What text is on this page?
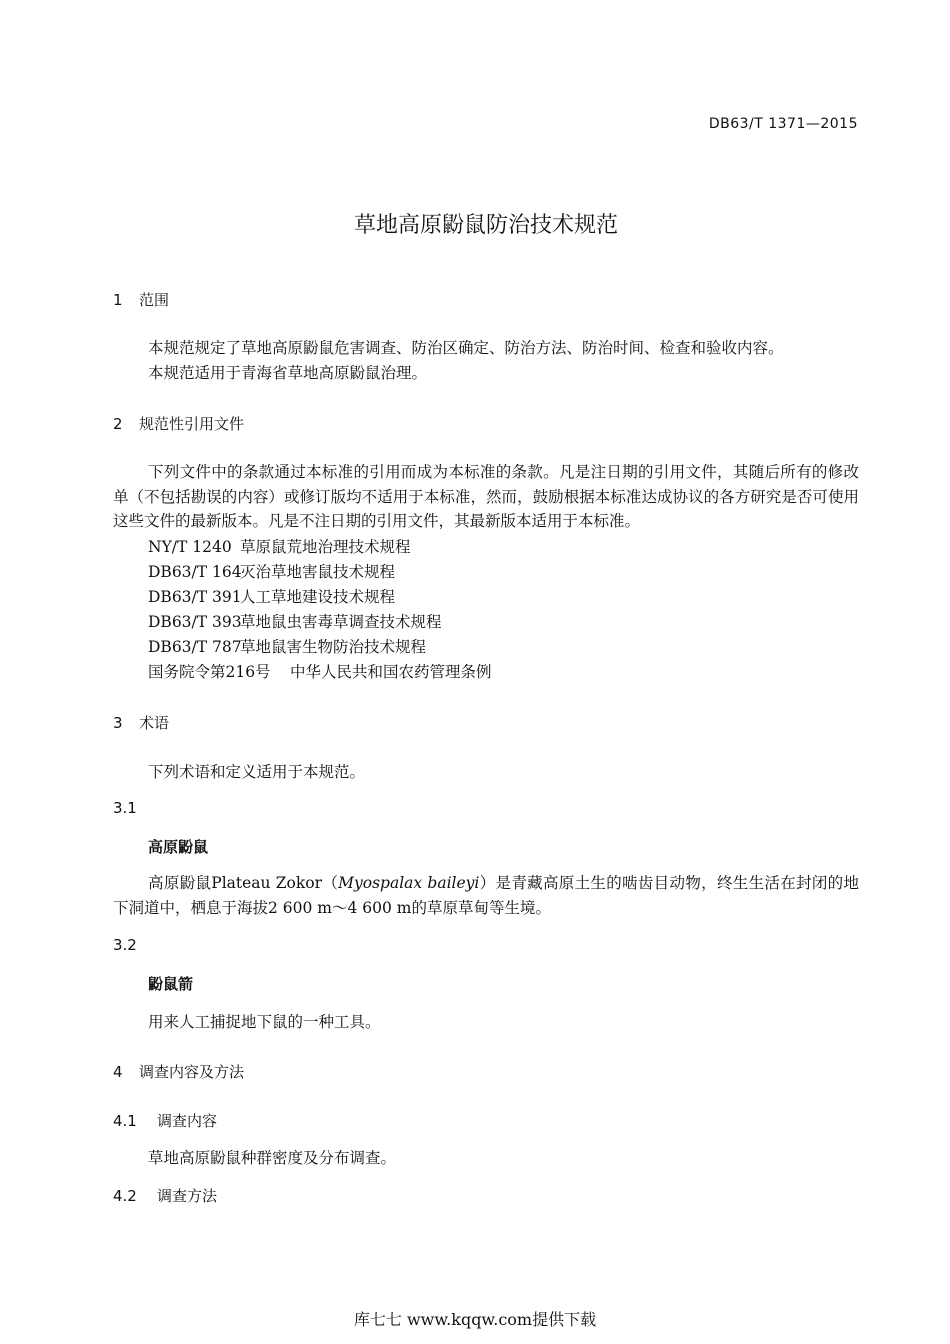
DB63/T 1371—2015
草地高原鼢鼠防治技术规范
1 范围
本规范规定了草地高原鼢鼠危害调查、防治区确定、防治方法、防治时间、检查和验收内容。
本规范适用于青海省草地高原鼢鼠治理。
2 规范性引用文件
下列文件中的条款通过本标准的引用而成为本标准的条款。凡是注日期的引用文件，其随后所有的修改单（不包括勘误的内容）或修订版均不适用于本标准，然而，鼓励根据本标准达成协议的各方研究是否可使用这些文件的最新版本。凡是不注日期的引用文件，其最新版本适用于本标准。
NY/T 1240 草原鼠荒地治理技术规程
DB63/T 164灭治草地害鼠技术规程
DB63/T 391人工草地建设技术规程
DB63/T 393草地鼠虫害毒草调查技术规程
DB63/T 787草地鼠害生物防治技术规程
国务院令第216号 中华人民共和国农药管理条例
3 术语
下列术语和定义适用于本规范。
3.1
高原鼢鼠
高原鼢鼠Plateau Zokor（Myospalax baileyi）是青藏高原土生的啮齿目动物，终生生活在封闭的地下洞道中，栖息于海拔2 600 m～4 600 m的草原草甸等生境。
3.2
鼢鼠箭
用来人工捕捉地下鼠的一种工具。
4 调查内容及方法
4.1 调查内容
草地高原鼢鼠种群密度及分布调查。
4.2 调查方法
库七七 www.kqqw.com提供下载
